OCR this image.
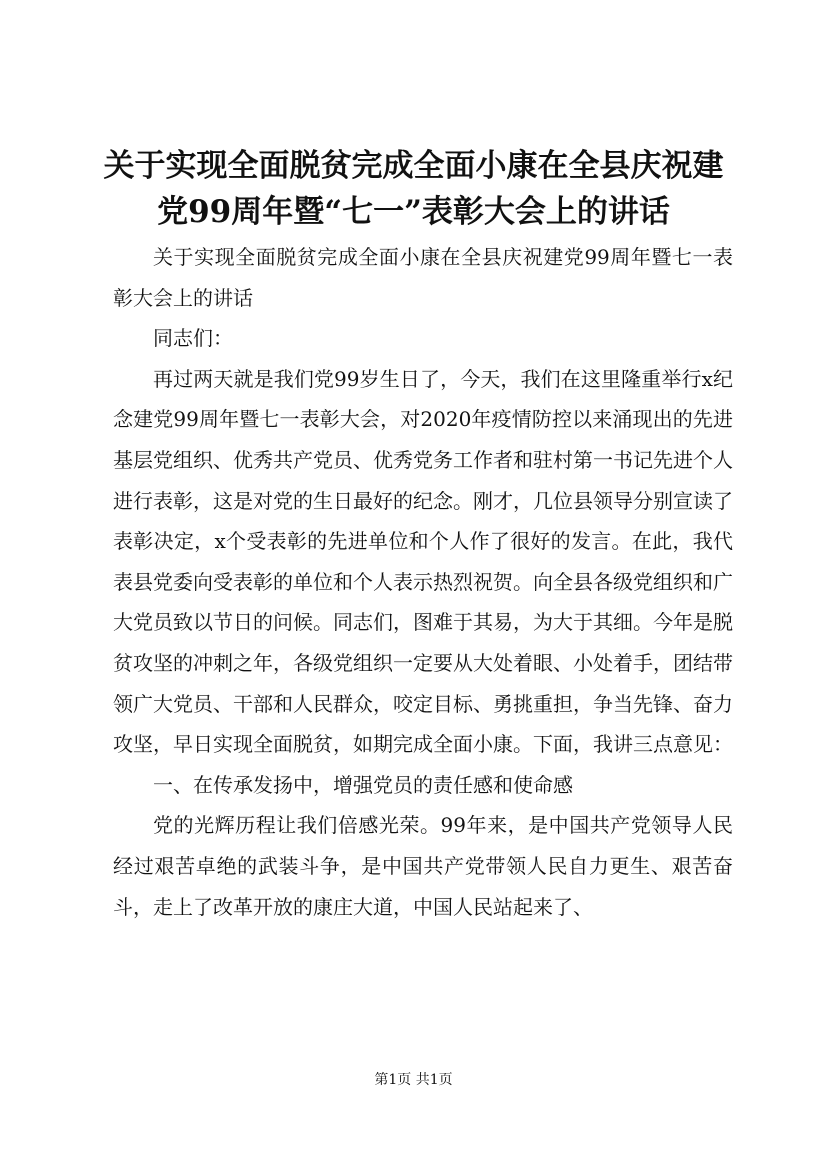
关于实现全面脱贫完成全面小康在全县庆祝建
党99周年暨“七一”表彰大会上的讲话

关于实现全面脱贫完成全面小康在全县庆祝建党99周年暨七一表彰大会上的讲话

同志们：

再过两天就是我们党99岁生日了，今天，我们在这里隆重举行x纪念建党99周年暨七一表彰大会，对2020年疫情防控以来涌现出的先进基层党组织、优秀共产党员、优秀党务工作者和驻村第一书记先进个人进行表彰，这是对党的生日最好的纪念。刚才，几位县领导分别宣读了表彰决定，x个受表彰的先进单位和个人作了很好的发言。在此，我代表县党委向受表彰的单位和个人表示热烈祝贺。向全县各级党组织和广大党员致以节日的问候。同志们，图难于其易，为大于其细。今年是脱贫攻坚的冲刺之年，各级党组织一定要从大处着眼、小处着手，团结带领广大党员、干部和人民群众，咬定目标、勇挑重担，争当先锋、奋力攻坚，早日实现全面脱贫，如期完成全面小康。下面，我讲三点意见：

一、在传承发扬中，增强党员的责任感和使命感

党的光辉历程让我们倍感光荣。99年来，是中国共产党领导人民经过艰苦卓绝的武装斗争，是中国共产党带领人民自力更生、艰苦奋斗，走上了改革开放的康庄大道，中国人民站起来了、

第1页 共1页
